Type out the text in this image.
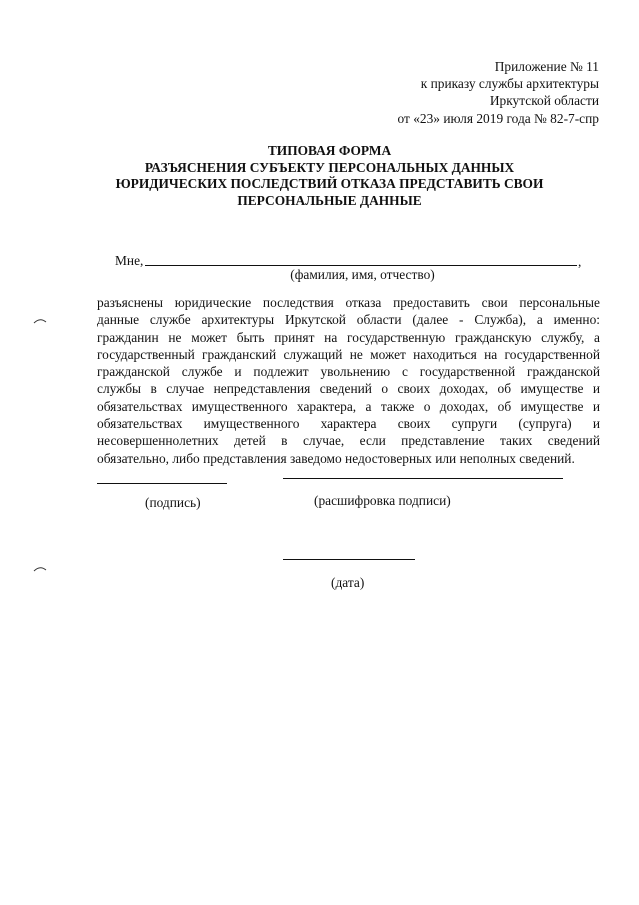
Приложение № 11
к приказу службы архитектуры
Иркутской области
от «23» июля 2019 года № 82-7-спр
ТИПОВАЯ ФОРМА
РАЗЪЯСНЕНИЯ СУБЪЕКТУ ПЕРСОНАЛЬНЫХ ДАННЫХ
ЮРИДИЧЕСКИХ ПОСЛЕДСТВИЙ ОТКАЗА ПРЕДСТАВИТЬ СВОИ
ПЕРСОНАЛЬНЫЕ ДАННЫЕ
Мне,	,
(фамилия, имя, отчество)
разъяснены юридические последствия отказа предоставить свои персональные
данные службе архитектуры Иркутской области (далее - Служба), а именно:
гражданин не может быть принят на государственную гражданскую службу, а
государственный гражданский служащий не может находиться на государственной
гражданской службе и подлежит увольнению с государственной гражданской
службы в случае непредставления сведений о своих доходах, об имуществе и
обязательствах имущественного характера, а также о доходах, об имуществе и
обязательствах имущественного характера своих супруги (супруга) и
несовершеннолетних детей в случае, если представление таких сведений
обязательно, либо представления заведомо недостоверных или неполных сведений.
(подпись)	(расшифровка подписи)
(дата)
